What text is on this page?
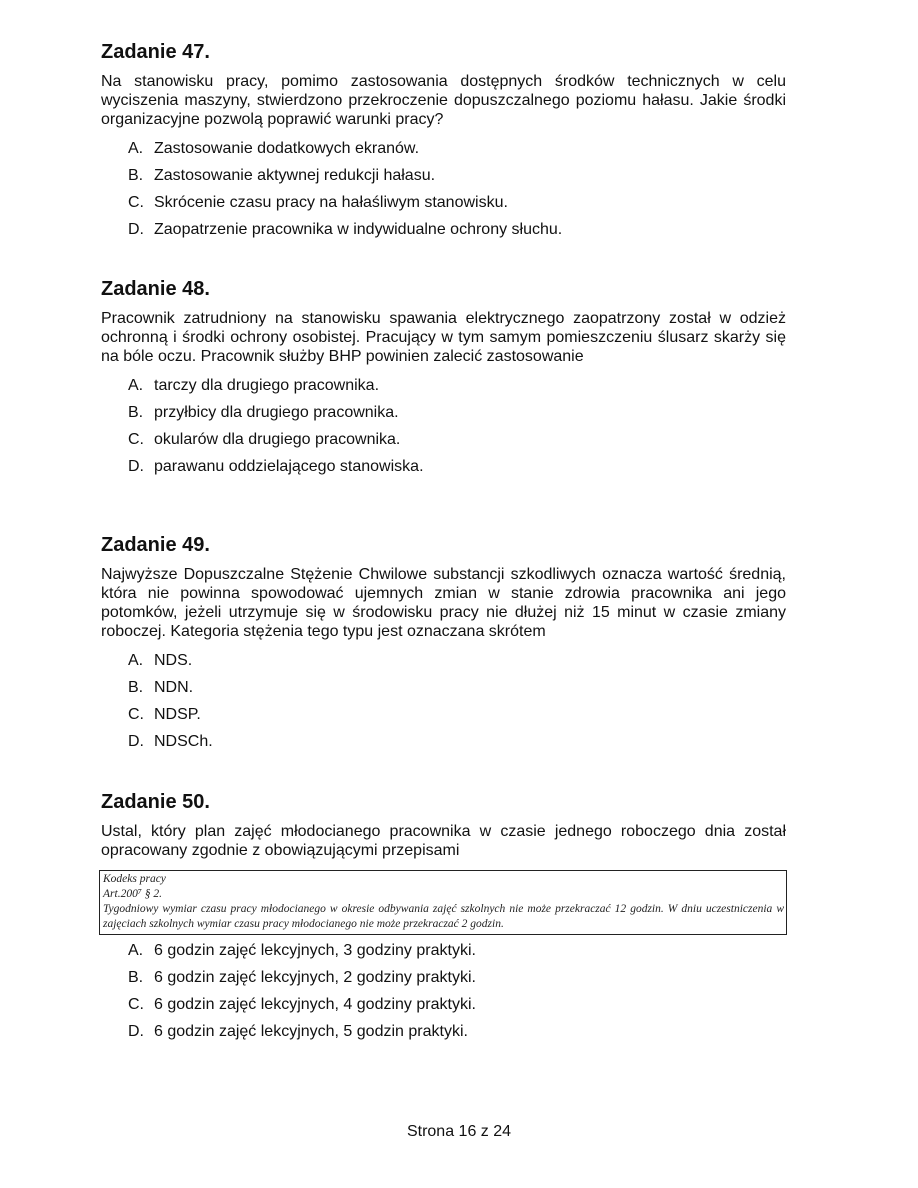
Zadanie 47.

Na stanowisku pracy, pomimo zastosowania dostępnych środków technicznych w celu wyciszenia maszyny, stwierdzono przekroczenie dopuszczalnego poziomu hałasu. Jakie środki organizacyjne pozwolą poprawić warunki pracy?

A. Zastosowanie dodatkowych ekranów.
B. Zastosowanie aktywnej redukcji hałasu.
C. Skrócenie czasu pracy na hałaśliwym stanowisku.
D. Zaopatrzenie pracownika w indywidualne ochrony słuchu.
Zadanie 48.

Pracownik zatrudniony na stanowisku spawania elektrycznego zaopatrzony został w odzież ochronną i środki ochrony osobistej. Pracujący w tym samym pomieszczeniu ślusarz skarży się na bóle oczu. Pracownik służby BHP powinien zalecić zastosowanie

A. tarczy dla drugiego pracownika.
B. przyłbicy dla drugiego pracownika.
C. okularów dla drugiego pracownika.
D. parawanu oddzielającego stanowiska.
Zadanie 49.

Najwyższe Dopuszczalne Stężenie Chwilowe substancji szkodliwych oznacza wartość średnią, która nie powinna spowodować ujemnych zmian w stanie zdrowia pracownika ani jego potomków, jeżeli utrzymuje się w środowisku pracy nie dłużej niż 15 minut w czasie zmiany roboczej. Kategoria stężenia tego typu jest oznaczana skrótem

A. NDS.
B. NDN.
C. NDSP.
D. NDSCh.
Zadanie 50.

Ustal, który plan zajęć młodocianego pracownika w czasie jednego roboczego dnia został opracowany zgodnie z obowiązującymi przepisami

Kodeks pracy
Art.200⁷ § 2.
Tygodniowy wymiar czasu pracy młodocianego w okresie odbywania zajęć szkolnych nie może przekraczać 12 godzin. W dniu uczestniczenia w zajęciach szkolnych wymiar czasu pracy młodocianego nie może przekraczać 2 godzin.
A. 6 godzin zajęć lekcyjnych, 3 godziny praktyki.
B. 6 godzin zajęć lekcyjnych, 2 godziny praktyki.
C. 6 godzin zajęć lekcyjnych, 4 godziny praktyki.
D. 6 godzin zajęć lekcyjnych, 5 godzin praktyki.
Strona 16 z 24
